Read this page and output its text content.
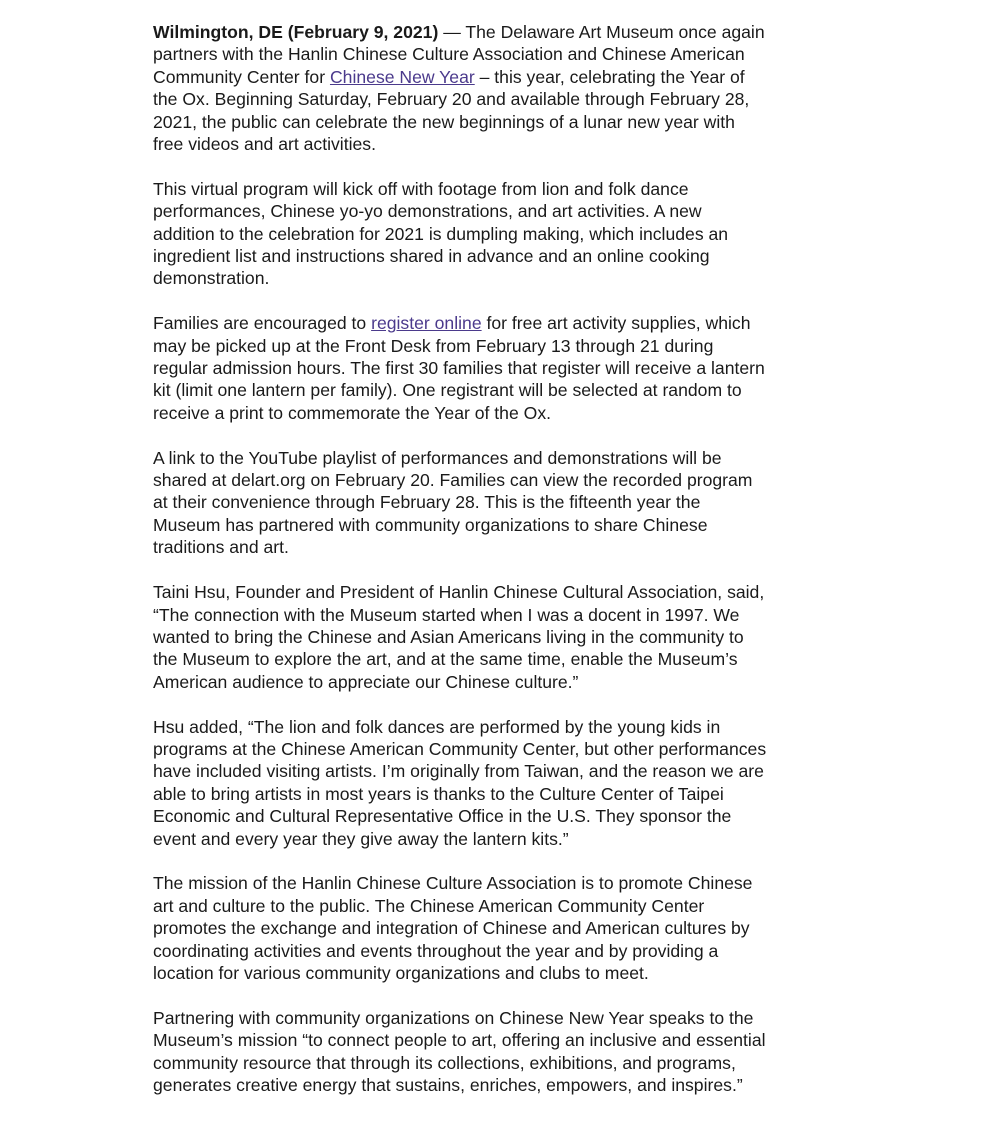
Wilmington, DE (February 9, 2021) — The Delaware Art Museum once again
partners with the Hanlin Chinese Culture Association and Chinese American
Community Center for Chinese New Year – this year, celebrating the Year of
the Ox. Beginning Saturday, February 20 and available through February 28,
2021, the public can celebrate the new beginnings of a lunar new year with
free videos and art activities.

This virtual program will kick off with footage from lion and folk dance
performances, Chinese yo-yo demonstrations, and art activities. A new
addition to the celebration for 2021 is dumpling making, which includes an
ingredient list and instructions shared in advance and an online cooking
demonstration.

Families are encouraged to register online for free art activity supplies, which
may be picked up at the Front Desk from February 13 through 21 during
regular admission hours. The first 30 families that register will receive a lantern
kit (limit one lantern per family). One registrant will be selected at random to
receive a print to commemorate the Year of the Ox.

A link to the YouTube playlist of performances and demonstrations will be
shared at delart.org on February 20. Families can view the recorded program
at their convenience through February 28. This is the fifteenth year the
Museum has partnered with community organizations to share Chinese
traditions and art.

Taini Hsu, Founder and President of Hanlin Chinese Cultural Association, said,
“The connection with the Museum started when I was a docent in 1997. We
wanted to bring the Chinese and Asian Americans living in the community to
the Museum to explore the art, and at the same time, enable the Museum’s
American audience to appreciate our Chinese culture.”

Hsu added, “The lion and folk dances are performed by the young kids in
programs at the Chinese American Community Center, but other performances
have included visiting artists. I’m originally from Taiwan, and the reason we are
able to bring artists in most years is thanks to the Culture Center of Taipei
Economic and Cultural Representative Office in the U.S. They sponsor the
event and every year they give away the lantern kits.”

The mission of the Hanlin Chinese Culture Association is to promote Chinese
art and culture to the public. The Chinese American Community Center
promotes the exchange and integration of Chinese and American cultures by
coordinating activities and events throughout the year and by providing a
location for various community organizations and clubs to meet.

Partnering with community organizations on Chinese New Year speaks to the
Museum’s mission “to connect people to art, offering an inclusive and essential
community resource that through its collections, exhibitions, and programs,
generates creative energy that sustains, enriches, empowers, and inspires.”
